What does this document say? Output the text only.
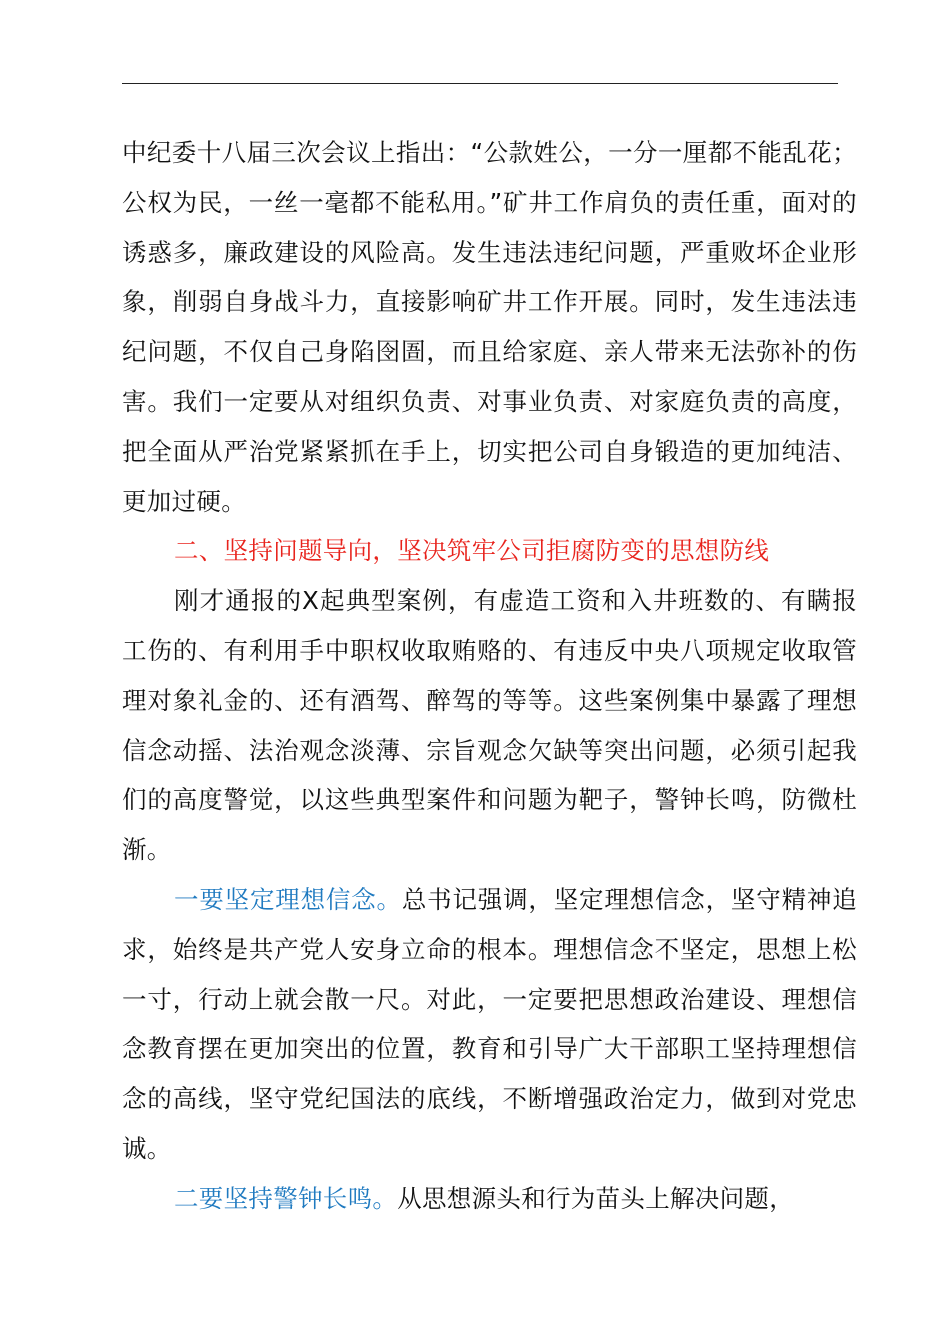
中纪委十八届三次会议上指出：“公款姓公，一分一厘都不能乱花；公权为民，一丝一毫都不能私用。”矿井工作肩负的责任重，面对的诱惑多，廉政建设的风险高。发生违法违纪问题，严重败坏企业形象，削弱自身战斗力，直接影响矿井工作开展。同时，发生违法违纪问题，不仅自己身陷囹圄，而且给家庭、亲人带来无法弥补的伤害。我们一定要从对组织负责、对事业负责、对家庭负责的高度，把全面从严治党紧紧抓在手上，切实把公司自身锻造的更加纯洁、更加过硬。

二、坚持问题导向，坚决筑牢公司拒腐防变的思想防线

刚才通报的X起典型案例，有虚造工资和入井班数的、有瞒报工伤的、有利用手中职权收取贿赂的、有违反中央八项规定收取管理对象礼金的、还有酒驾、醉驾的等等。这些案例集中暴露了理想信念动摇、法治观念淡薄、宗旨观念欠缺等突出问题，必须引起我们的高度警觉，以这些典型案件和问题为靶子，警钟长鸣，防微杜渐。

一要坚定理想信念。总书记强调，坚定理想信念，坚守精神追求，始终是共产党人安身立命的根本。理想信念不坚定，思想上松一寸，行动上就会散一尺。对此，一定要把思想政治建设、理想信念教育摆在更加突出的位置，教育和引导广大干部职工坚持理想信念的高线，坚守党纪国法的底线，不断增强政治定力，做到对党忠诚。

二要坚持警钟长鸣。从思想源头和行为苗头上解决问题，
